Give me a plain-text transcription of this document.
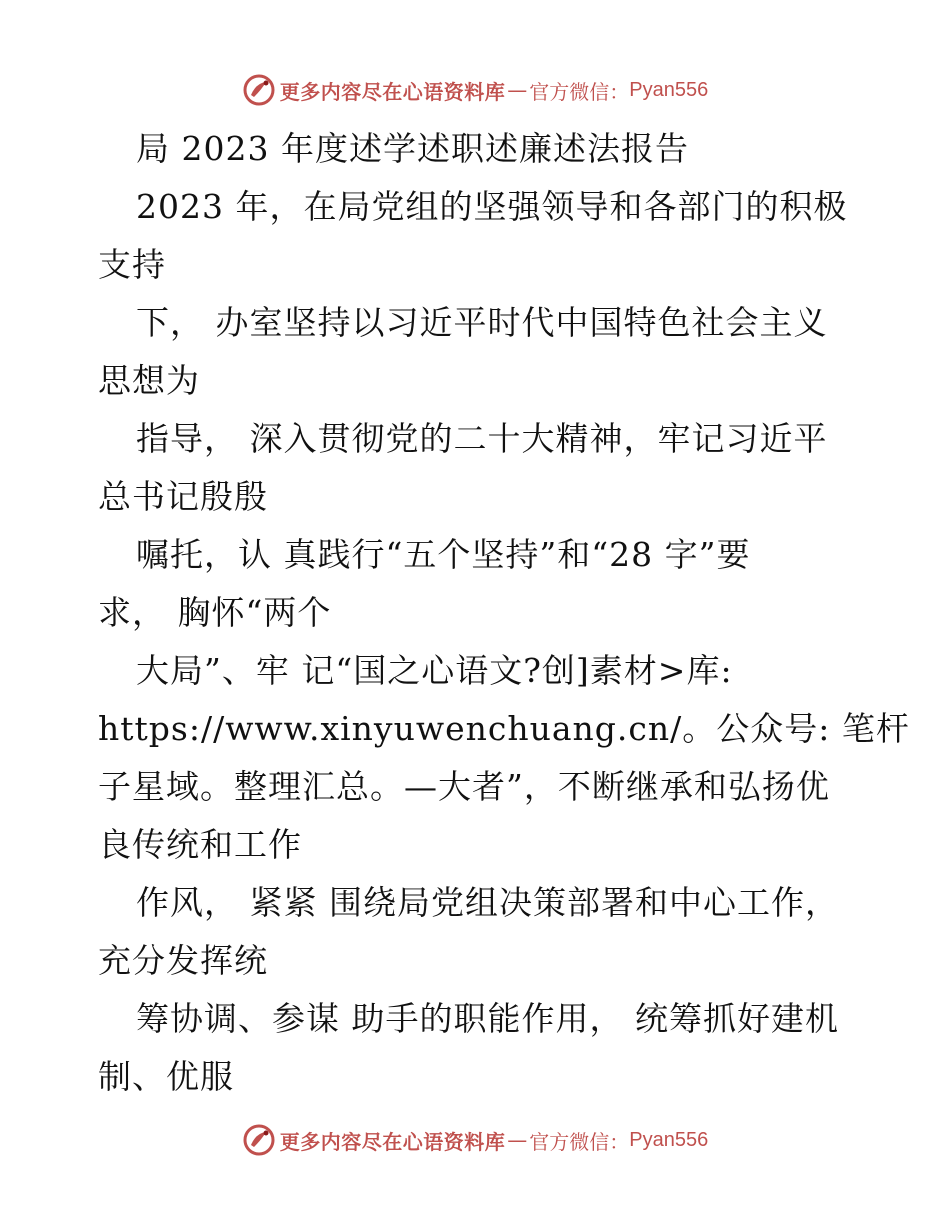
更多内容尽在心语资料库 — 官方微信： Pyan556
局 2023 年度述学述职述廉述法报告
2023 年，在局党组的坚强领导和各部门的积极
支持
下， 办室坚持以习近平时代中国特色社会主义
思想为
指导， 深入贯彻党的二十大精神，牢记习近平
总书记殷殷
嘱托，认 真践行“五个坚持”和“28 字”要
求， 胸怀“两个
大局”、牢 记“国之心语文?创]素材>库:
https://www.xinyuwenchuang.cn/。公众号: 笔杆
子星域。整理汇总。—大者”，不断继承和弘扬优
良传统和工作
作风， 紧紧 围绕局党组决策部署和中心工作，
充分发挥统
筹协调、参谋 助手的职能作用， 统筹抓好建机
制、优服
更多内容尽在心语资料库 — 官方微信： Pyan556
